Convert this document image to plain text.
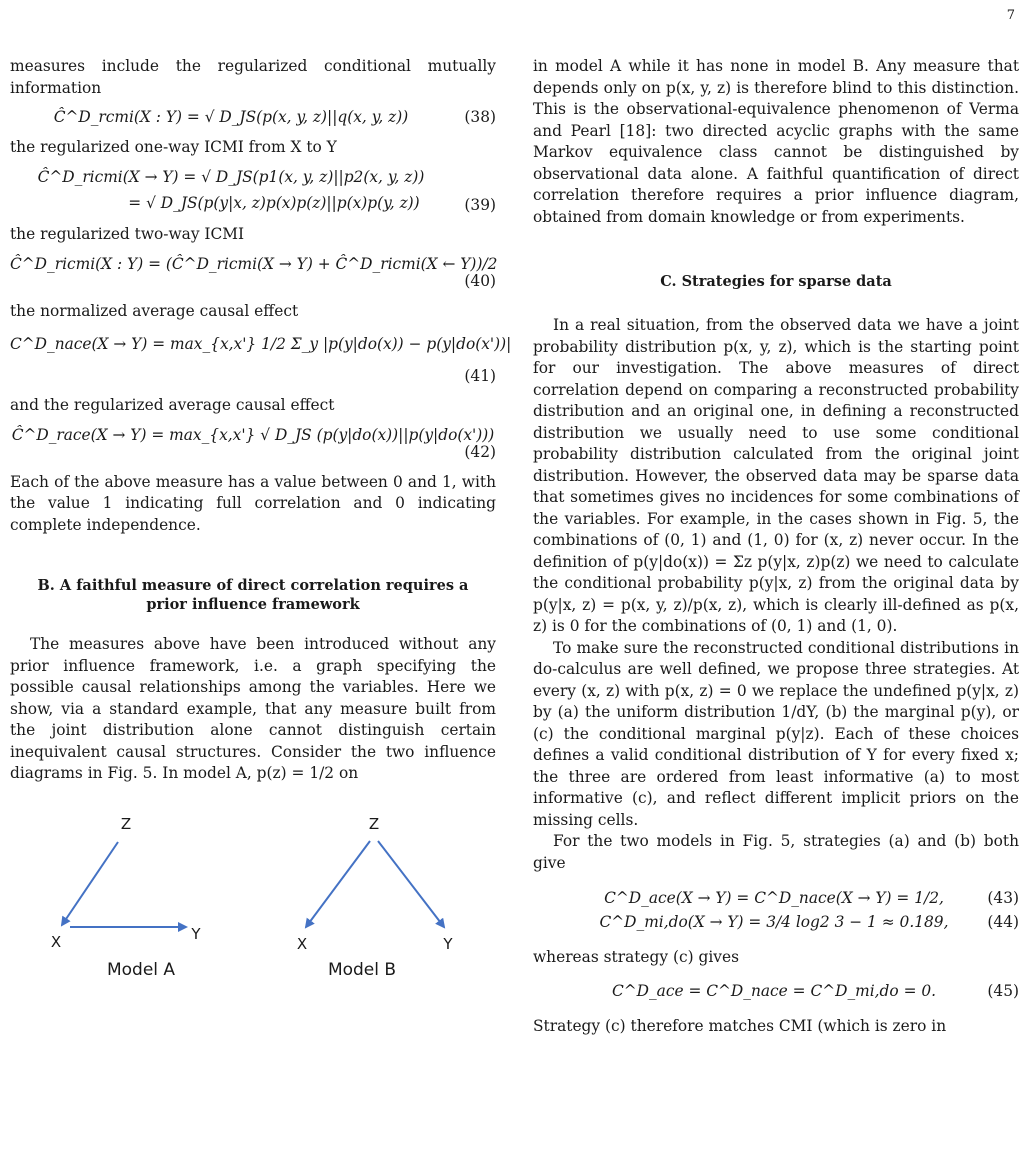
7

measures include the regularized conditional mutually information

Ĉ^D_rcmi(X : Y) = √ D_JS(p(x, y, z)||q(x, y, z))	(38)

the regularized one-way ICMI from X to Y

Ĉ^D_ricmi(X → Y) = √ D_JS(p1(x, y, z)||p2(x, y, z))
= √ D_JS(p(y|x, z)p(x)p(z)||p(x)p(y, z))	(39)

the regularized two-way ICMI

Ĉ^D_ricmi(X : Y) = (Ĉ^D_ricmi(X → Y) + Ĉ^D_ricmi(X ← Y))/2
(40)

the normalized average causal effect

C^D_nace(X → Y) = max_{x,x'} 1/2 Σ_y |p(y|do(x)) − p(y|do(x'))|
(41)

and the regularized average causal effect

Ĉ^D_race(X → Y) = max_{x,x'} √ D_JS (p(y|do(x))||p(y|do(x')))
(42)

Each of the above measure has a value between 0 and 1, with the value 1 indicating full correlation and 0 indicating complete independence.

B. A faithful measure of direct correlation requires a prior influence framework

The measures above have been introduced without any prior influence framework, i.e. a graph specifying the possible causal relationships among the variables. Here we show, via a standard example, that any measure built from the joint distribution alone cannot distinguish certain inequivalent causal structures. Consider the two influence diagrams in Fig. 5. In model A, p(z) = 1/2 on

Z
X	Y
Model A
Z
X	Y
Model B

in model A while it has none in model B. Any measure that depends only on p(x, y, z) is therefore blind to this distinction. This is the observational-equivalence phenomenon of Verma and Pearl [18]: two directed acyclic graphs with the same Markov equivalence class cannot be distinguished by observational data alone. A faithful quantification of direct correlation therefore requires a prior influence diagram, obtained from domain knowledge or from experiments.

C. Strategies for sparse data

In a real situation, from the observed data we have a joint probability distribution p(x, y, z), which is the starting point for our investigation. The above measures of direct correlation depend on comparing a reconstructed probability distribution and an original one, in defining a reconstructed distribution we usually need to use some conditional probability distribution calculated from the original joint distribution. However, the observed data may be sparse data that sometimes gives no incidences for some combinations of the variables. For example, in the cases shown in Fig. 5, the combinations of (0, 1) and (1, 0) for (x, z) never occur. In the definition of p(y|do(x)) = Σz p(y|x, z)p(z) we need to calculate the conditional probability p(y|x, z) from the original data by p(y|x, z) = p(x, y, z)/p(x, z), which is clearly ill-defined as p(x, z) is 0 for the combinations of (0, 1) and (1, 0).

To make sure the reconstructed conditional distributions in do-calculus are well defined, we propose three strategies. At every (x, z) with p(x, z) = 0 we replace the undefined p(y|x, z) by (a) the uniform distribution 1/dY, (b) the marginal p(y), or (c) the conditional marginal p(y|z). Each of these choices defines a valid conditional distribution of Y for every fixed x; the three are ordered from least informative (a) to most informative (c), and reflect different implicit priors on the missing cells.

For the two models in Fig. 5, strategies (a) and (b) both give

C^D_ace(X → Y) = C^D_nace(X → Y) = 1/2,	(43)
C^D_mi,do(X → Y) = 3/4 log2 3 − 1 ≈ 0.189,	(44)

whereas strategy (c) gives

C^D_ace = C^D_nace = C^D_mi,do = 0.	(45)

Strategy (c) therefore matches CMI (which is zero in
